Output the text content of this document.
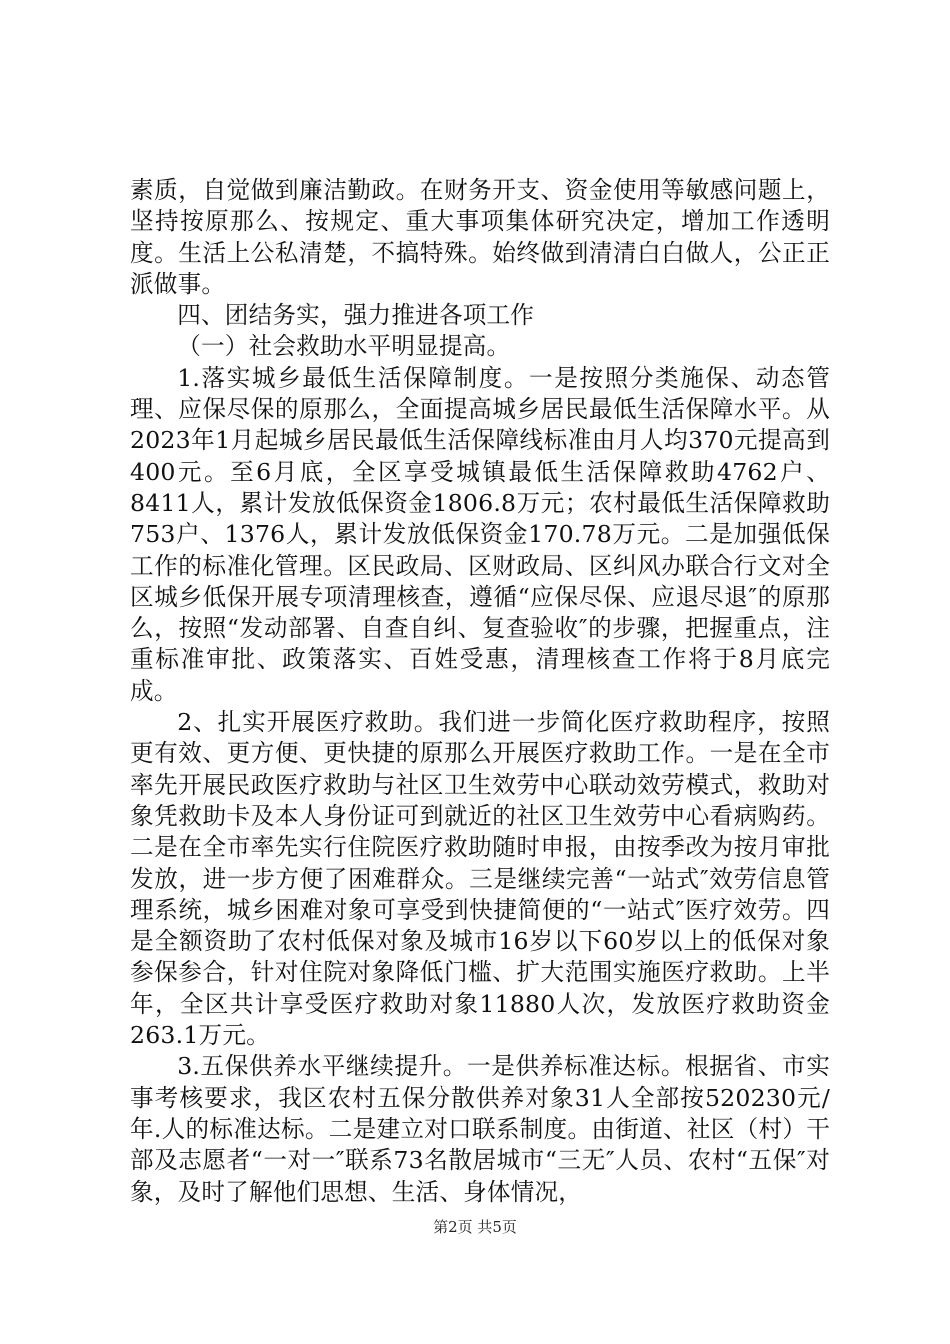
素质，自觉做到廉洁勤政。在财务开支、资金使用等敏感问题上，坚持按原那么、按规定、重大事项集体研究决定，增加工作透明度。生活上公私清楚，不搞特殊。始终做到清清白白做人，公正正派做事。

四、团结务实，强力推进各项工作

（一）社会救助水平明显提高。

1.落实城乡最低生活保障制度。一是按照分类施保、动态管理、应保尽保的原那么，全面提高城乡居民最低生活保障水平。从2023年1月起城乡居民最低生活保障线标准由月人均370元提高到400元。至6月底，全区享受城镇最低生活保障救助4762户、8411人，累计发放低保资金1806.8万元；农村最低生活保障救助753户、1376人，累计发放低保资金170.78万元。二是加强低保工作的标准化管理。区民政局、区财政局、区纠风办联合行文对全区城乡低保开展专项清理核查，遵循“应保尽保、应退尽退″的原那么，按照“发动部署、自查自纠、复查验收″的步骤，把握重点，注重标准审批、政策落实、百姓受惠，清理核查工作将于8月底完成。

2、扎实开展医疗救助。我们进一步简化医疗救助程序，按照更有效、更方便、更快捷的原那么开展医疗救助工作。一是在全市率先开展民政医疗救助与社区卫生效劳中心联动效劳模式，救助对象凭救助卡及本人身份证可到就近的社区卫生效劳中心看病购药。二是在全市率先实行住院医疗救助随时申报，由按季改为按月审批发放，进一步方便了困难群众。三是继续完善“一站式″效劳信息管理系统，城乡困难对象可享受到快捷简便的“一站式″医疗效劳。四是全额资助了农村低保对象及城市16岁以下60岁以上的低保对象参保参合，针对住院对象降低门槛、扩大范围实施医疗救助。上半年，全区共计享受医疗救助对象11880人次，发放医疗救助资金263.1万元。

3.五保供养水平继续提升。一是供养标准达标。根据省、市实事考核要求，我区农村五保分散供养对象31人全部按520230元/年.人的标准达标。二是建立对口联系制度。由街道、社区（村）干部及志愿者“一对一″联系73名散居城市“三无″人员、农村“五保″对象，及时了解他们思想、生活、身体情况，

第2页 共5页
